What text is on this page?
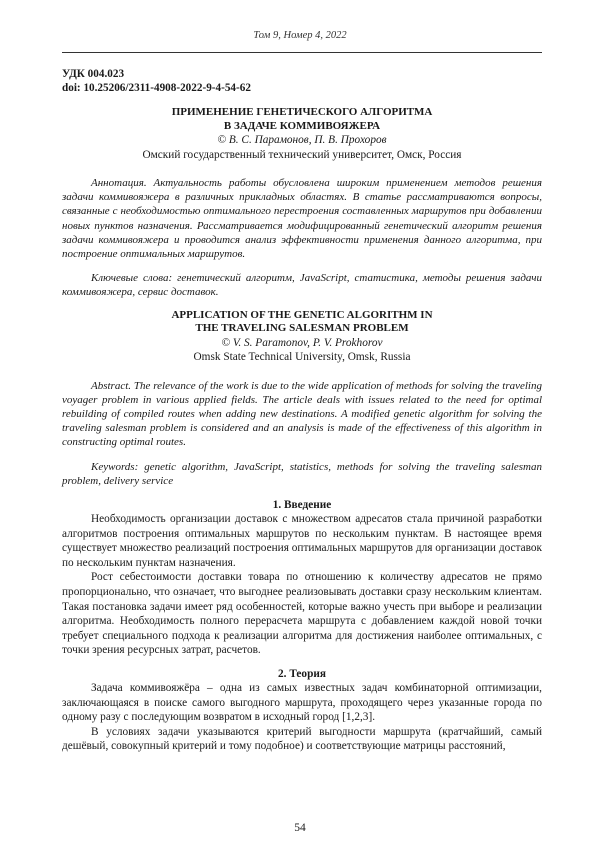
Том 9, Номер 4, 2022
УДК 004.023
doi: 10.25206/2311-4908-2022-9-4-54-62
ПРИМЕНЕНИЕ ГЕНЕТИЧЕСКОГО АЛГОРИТМА
В ЗАДАЧЕ КОММИВОЯЖЕРА
© В. С. Парамонов, П. В. Прохоров
Омский государственный технический университет, Омск, Россия

Аннотация. Актуальность работы обусловлена широким применением методов решения задачи коммивояжера в различных прикладных областях. В статье рассматриваются вопросы, связанные с необходимостью оптимального перестроения составленных маршрутов при добавлении новых пунктов назначения. Рассматривается модифицированный генетический алгоритм решения задачи коммивояжера и проводится анализ эффективности применения данного алгоритма, при построение оптимальных маршрутов.

Ключевые слова: генетический алгоритм, JavaScript, статистика, методы решения задачи коммивояжера, сервис доставок.

APPLICATION OF THE GENETIC ALGORITHM IN
THE TRAVELING SALESMAN PROBLEM
© V. S. Paramonov, P. V. Prokhorov
Omsk State Technical University, Omsk, Russia

Abstract. The relevance of the work is due to the wide application of methods for solving the traveling voyager problem in various applied fields. The article deals with issues related to the need for optimal rebuilding of compiled routes when adding new destinations. A modified genetic algorithm for solving the traveling salesman problem is considered and an analysis is made of the effectiveness of this algorithm in constructing optimal routes.

Keywords: genetic algorithm, JavaScript, statistics, methods for solving the traveling salesman problem, delivery service

1. Введение

Необходимость организации доставок с множеством адресатов стала причиной разработки алгоритмов построения оптимальных маршрутов по нескольким пунктам. В настоящее время существует множество реализаций построения оптимальных маршрутов для организации доставок по нескольким пунктам назначения.

Рост себестоимости доставки товара по отношению к количеству адресатов не прямо пропорционально, что означает, что выгоднее реализовывать доставки сразу нескольким клиентам. Такая постановка задачи имеет ряд особенностей, которые важно учесть при выборе и реализации алгоритма. Необходимость полного перерасчета маршрута с добавлением каждой новой точки требует специального подхода к реализации алгоритма для достижения наиболее оптимальных, с точки зрения ресурсных затрат, расчетов.

2. Теория

Задача коммивояжёра – одна из самых известных задач комбинаторной оптимизации, заключающаяся в поиске самого выгодного маршрута, проходящего через указанные города по одному разу с последующим возвратом в исходный город [1,2,3].

В условиях задачи указываются критерий выгодности маршрута (кратчайший, самый дешёвый, совокупный критерий и тому подобное) и соответствующие матрицы расстояний,

54
